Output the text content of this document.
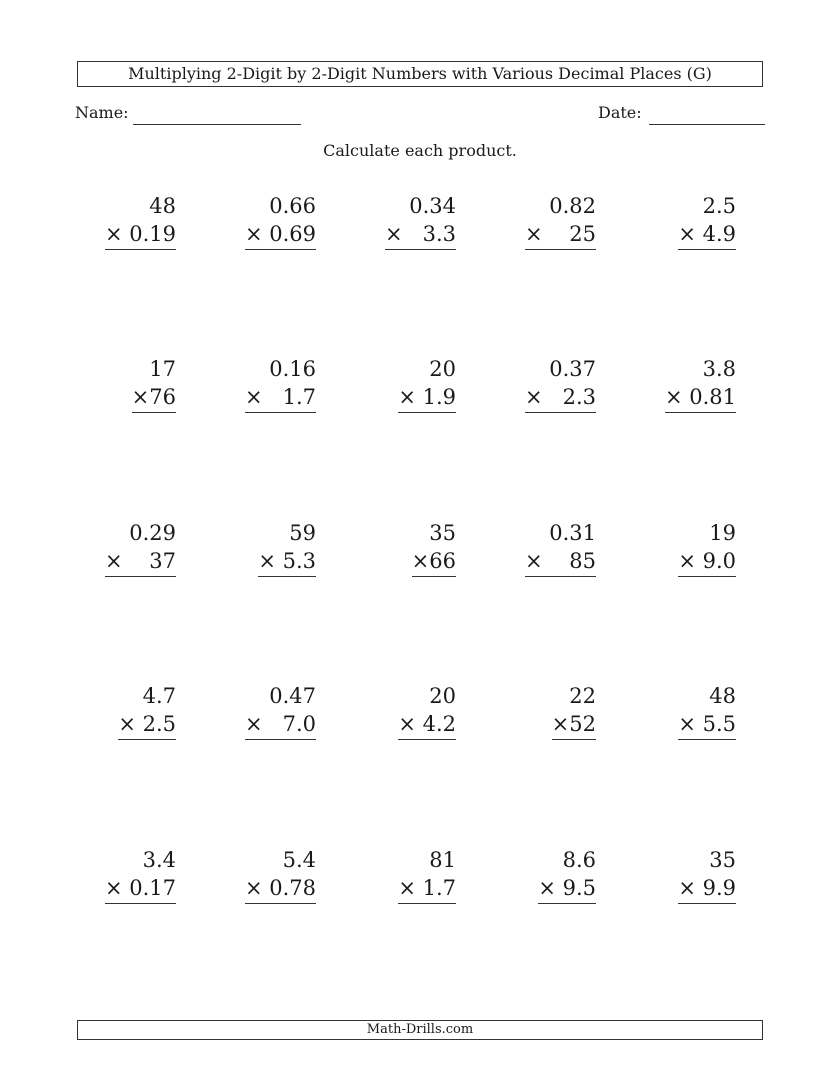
Multiplying 2-Digit by 2-Digit Numbers with Various Decimal Places (G)
Name:	Date:
Calculate each product.
48
× 0.19
0.66
× 0.69
0.34
×   3.3
0.82
×    25
2.5
× 4.9
17
×76
0.16
×   1.7
20
× 1.9
0.37
×   2.3
3.8
× 0.81
0.29
×    37
59
× 5.3
35
×66
0.31
×    85
19
× 9.0
4.7
× 2.5
0.47
×   7.0
20
× 4.2
22
×52
48
× 5.5
3.4
× 0.17
5.4
× 0.78
81
× 1.7
8.6
× 9.5
35
× 9.9
Math-Drills.com
